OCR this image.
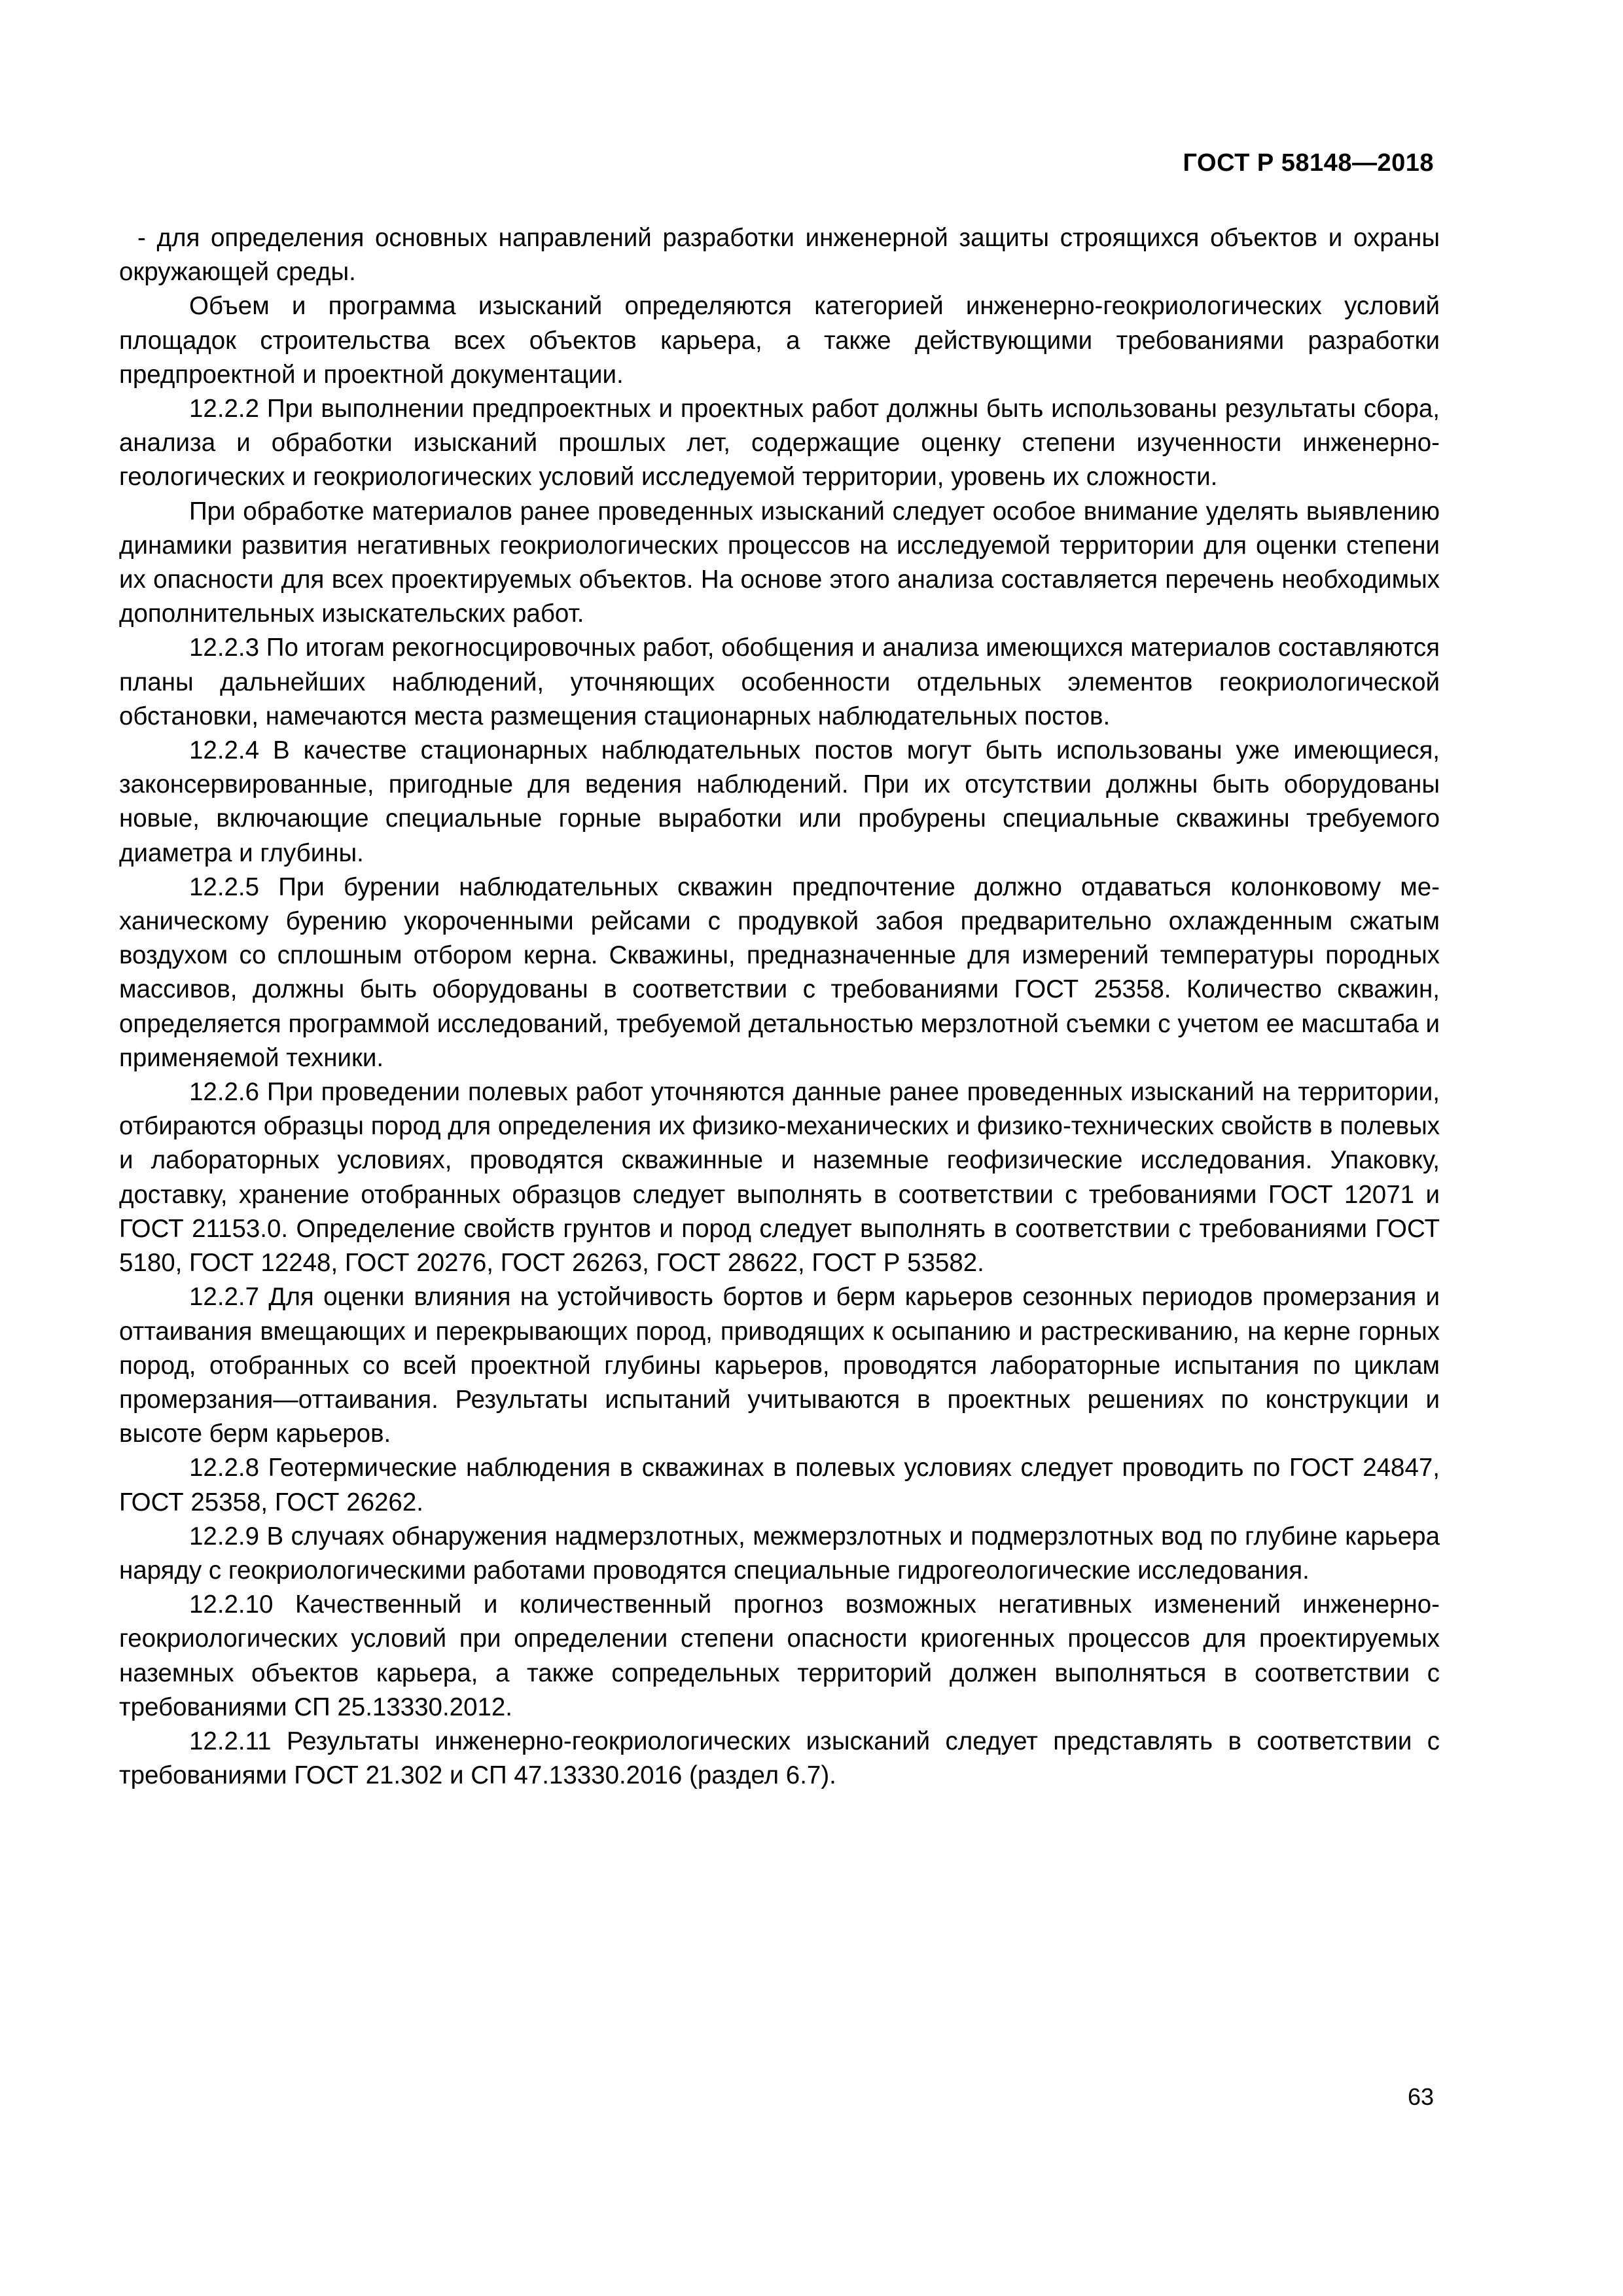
ГОСТ Р 58148—2018

- для определения основных направлений разработки инженерной защиты строящихся объектов и охраны окружающей среды.

Объем и программа изысканий определяются категорией инженерно-геокриологических условий площадок строительства всех объектов карьера, а также действующими требованиями разработки предпроектной и проектной документации.

12.2.2 При выполнении предпроектных и проектных работ должны быть использованы результаты сбора, анализа и обработки изысканий прошлых лет, содержащие оценку степени изученности инженерно-геологических и геокриологических условий исследуемой территории, уровень их сложности.

При обработке материалов ранее проведенных изысканий следует особое внимание уделять выявлению динамики развития негативных геокриологических процессов на исследуемой территории для оценки степени их опасности для всех проектируемых объектов. На основе этого анализа составляется перечень необходимых дополнительных изыскательских работ.

12.2.3 По итогам рекогносцировочных работ, обобщения и анализа имеющихся материалов составляются планы дальнейших наблюдений, уточняющих особенности отдельных элементов геокриологической обстановки, намечаются места размещения стационарных наблюдательных постов.

12.2.4 В качестве стационарных наблюдательных постов могут быть использованы уже имеющиеся, законсервированные, пригодные для ведения наблюдений. При их отсутствии должны быть оборудованы новые, включающие специальные горные выработки или пробурены специальные скважины требуемого диаметра и глубины.

12.2.5 При бурении наблюдательных скважин предпочтение должно отдаваться колонковому механическому бурению укороченными рейсами с продувкой забоя предварительно охлажденным сжатым воздухом со сплошным отбором керна. Скважины, предназначенные для измерений температуры породных массивов, должны быть оборудованы в соответствии с требованиями ГОСТ 25358. Количество скважин, определяется программой исследований, требуемой детальностью мерзлотной съемки с учетом ее масштаба и применяемой техники.

12.2.6 При проведении полевых работ уточняются данные ранее проведенных изысканий на территории, отбираются образцы пород для определения их физико-механических и физико-технических свойств в полевых и лабораторных условиях, проводятся скважинные и наземные геофизические исследования. Упаковку, доставку, хранение отобранных образцов следует выполнять в соответствии с требованиями ГОСТ 12071 и ГОСТ 21153.0. Определение свойств грунтов и пород следует выполнять в соответствии с требованиями ГОСТ 5180, ГОСТ 12248, ГОСТ 20276, ГОСТ 26263, ГОСТ 28622, ГОСТ Р 53582.

12.2.7 Для оценки влияния на устойчивость бортов и берм карьеров сезонных периодов промерзания и оттаивания вмещающих и перекрывающих пород, приводящих к осыпанию и растрескиванию, на керне горных пород, отобранных со всей проектной глубины карьеров, проводятся лабораторные испытания по циклам промерзания—оттаивания. Результаты испытаний учитываются в проектных решениях по конструкции и высоте берм карьеров.

12.2.8 Геотермические наблюдения в скважинах в полевых условиях следует проводить по ГОСТ 24847, ГОСТ 25358, ГОСТ 26262.

12.2.9 В случаях обнаружения надмерзлотных, межмерзлотных и подмерзлотных вод по глубине карьера наряду с геокриологическими работами проводятся специальные гидрогеологические исследования.

12.2.10 Качественный и количественный прогноз возможных негативных изменений инженерно-геокриологических условий при определении степени опасности криогенных процессов для проектируемых наземных объектов карьера, а также сопредельных территорий должен выполняться в соответствии с требованиями СП 25.13330.2012.

12.2.11 Результаты инженерно-геокриологических изысканий следует представлять в соответствии с требованиями ГОСТ 21.302 и СП 47.13330.2016 (раздел 6.7).

63
